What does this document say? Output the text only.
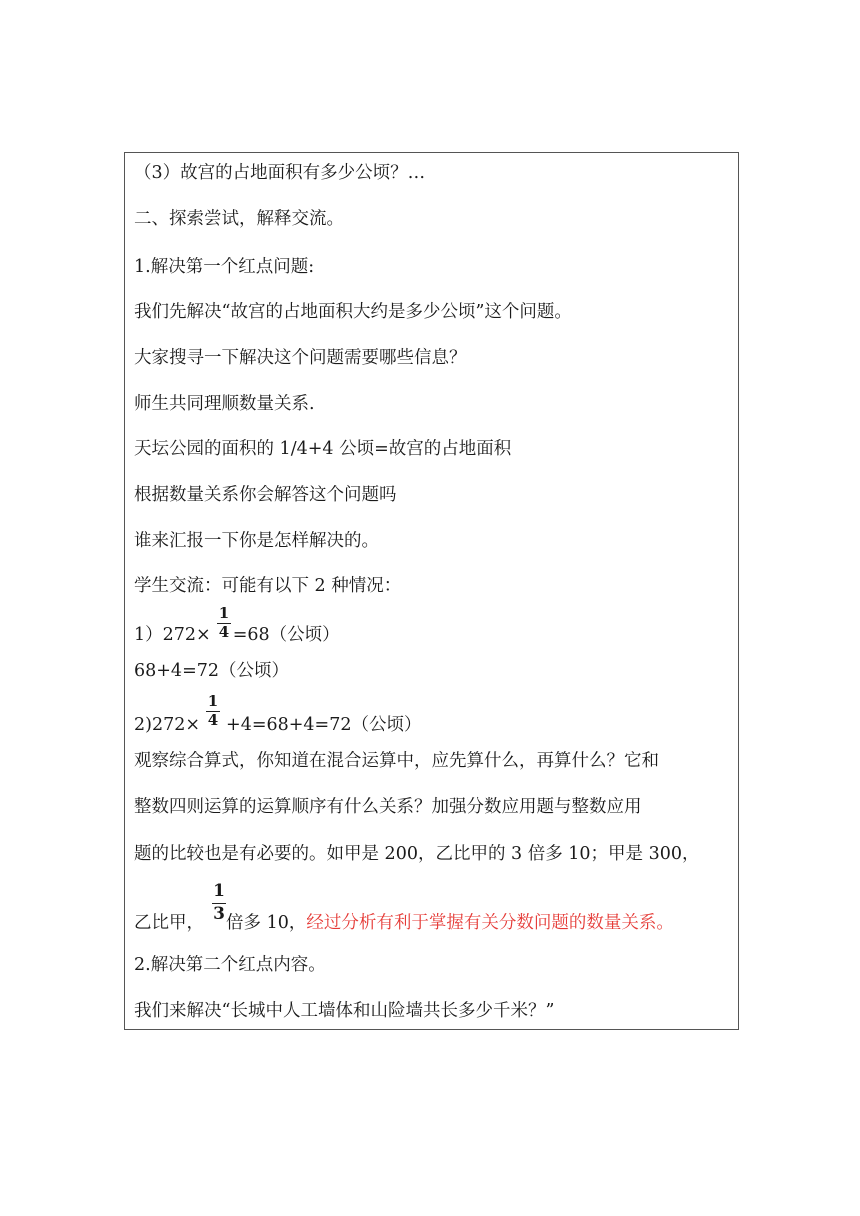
（3）故宫的占地面积有多少公顷？…
二、探索尝试，解释交流。
1.解决第一个红点问题:
我们先解决“故宫的占地面积大约是多少公顷”这个问题。
大家搜寻一下解决这个问题需要哪些信息？
师生共同理顺数量关系.
天坛公园的面积的 1/4+4 公顷=故宫的占地面积
根据数量关系你会解答这个问题吗
谁来汇报一下你是怎样解决的。
学生交流：可能有以下 2 种情况：
1）272× =68（公顷）
1
4
68+4=72（公顷）
2)272× +4=68+4=72（公顷）
1
4
观察综合算式，你知道在混合运算中，应先算什么，再算什么？它和
整数四则运算的运算顺序有什么关系？加强分数应用题与整数应用
题的比较也是有必要的。如甲是 200，乙比甲的 3 倍多 10；甲是 300，
乙比甲， 倍多 10，经过分析有利于掌握有关分数问题的数量关系。
1
3
2.解决第二个红点内容。
我们来解决“长城中人工墙体和山险墙共长多少千米？”
